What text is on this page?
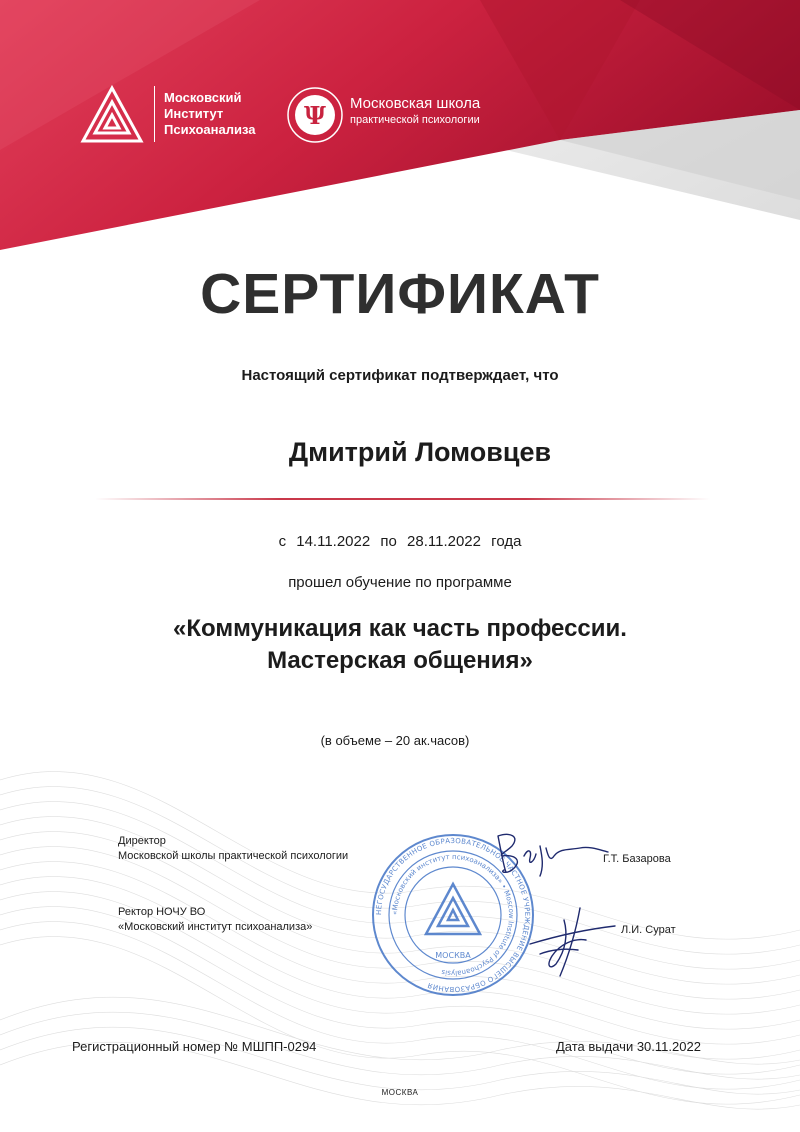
Московский
Институт
Психоанализа Ψ Московская школа
практической психологии
СЕРТИФИКАТ
Настоящий сертификат подтверждает, что
Дмитрий Ломовцев
с 14.11.2022 по 28.11.2022 года
прошел обучение по программе
«Коммуникация как часть профессии.
Мастерская общения»
(в объеме – 20 ак.часов)
НЕГОСУДАРСТВЕННОЕ ОБРАЗОВАТЕЛЬНОЕ ЧАСТНОЕ УЧРЕЖДЕНИЕ ВЫСШЕГО ОБРАЗОВАНИЯ
«Московский институт психоанализа» • Moscow Institute of Psychoanalysis
МОСКВА
Директор
Московской школы практической психологии	Г.Т. Базарова
Ректор НОЧУ ВО
«Московский институт психоанализа»	Л.И. Сурат
Регистрационный номер № МШПП-0294	Дата выдачи 30.11.2022
МОСКВА
